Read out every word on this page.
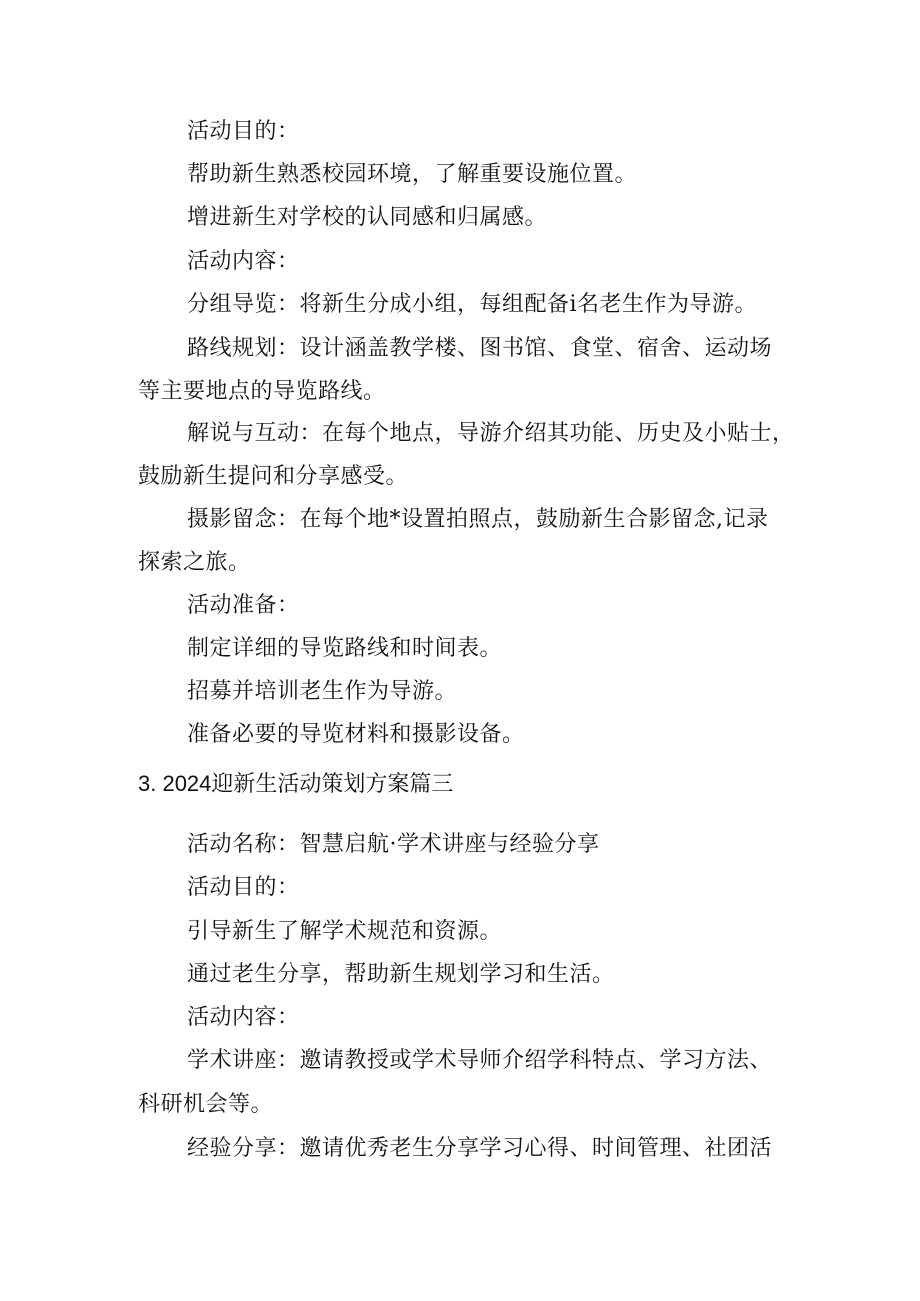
活动目的：

帮助新生熟悉校园环境，了解重要设施位置。

增进新生对学校的认同感和归属感。

活动内容：

分组导览：将新生分成小组，每组配备i名老生作为导游。

路线规划：设计涵盖教学楼、图书馆、食堂、宿舍、运动场

等主要地点的导览路线。

解说与互动：在每个地点，导游介绍其功能、历史及小贴士，

鼓励新生提问和分享感受。

摄影留念：在每个地*设置拍照点，鼓励新生合影留念,记录

探索之旅。

活动准备：

制定详细的导览路线和时间表。

招募并培训老生作为导游。

准备必要的导览材料和摄影设备。

3. 2024迎新生活动策划方案篇三

活动名称：智慧启航·学术讲座与经验分享

活动目的：

引导新生了解学术规范和资源。

通过老生分享，帮助新生规划学习和生活。

活动内容：

学术讲座：邀请教授或学术导师介绍学科特点、学习方法、

科研机会等。

经验分享：邀请优秀老生分享学习心得、时间管理、社团活
